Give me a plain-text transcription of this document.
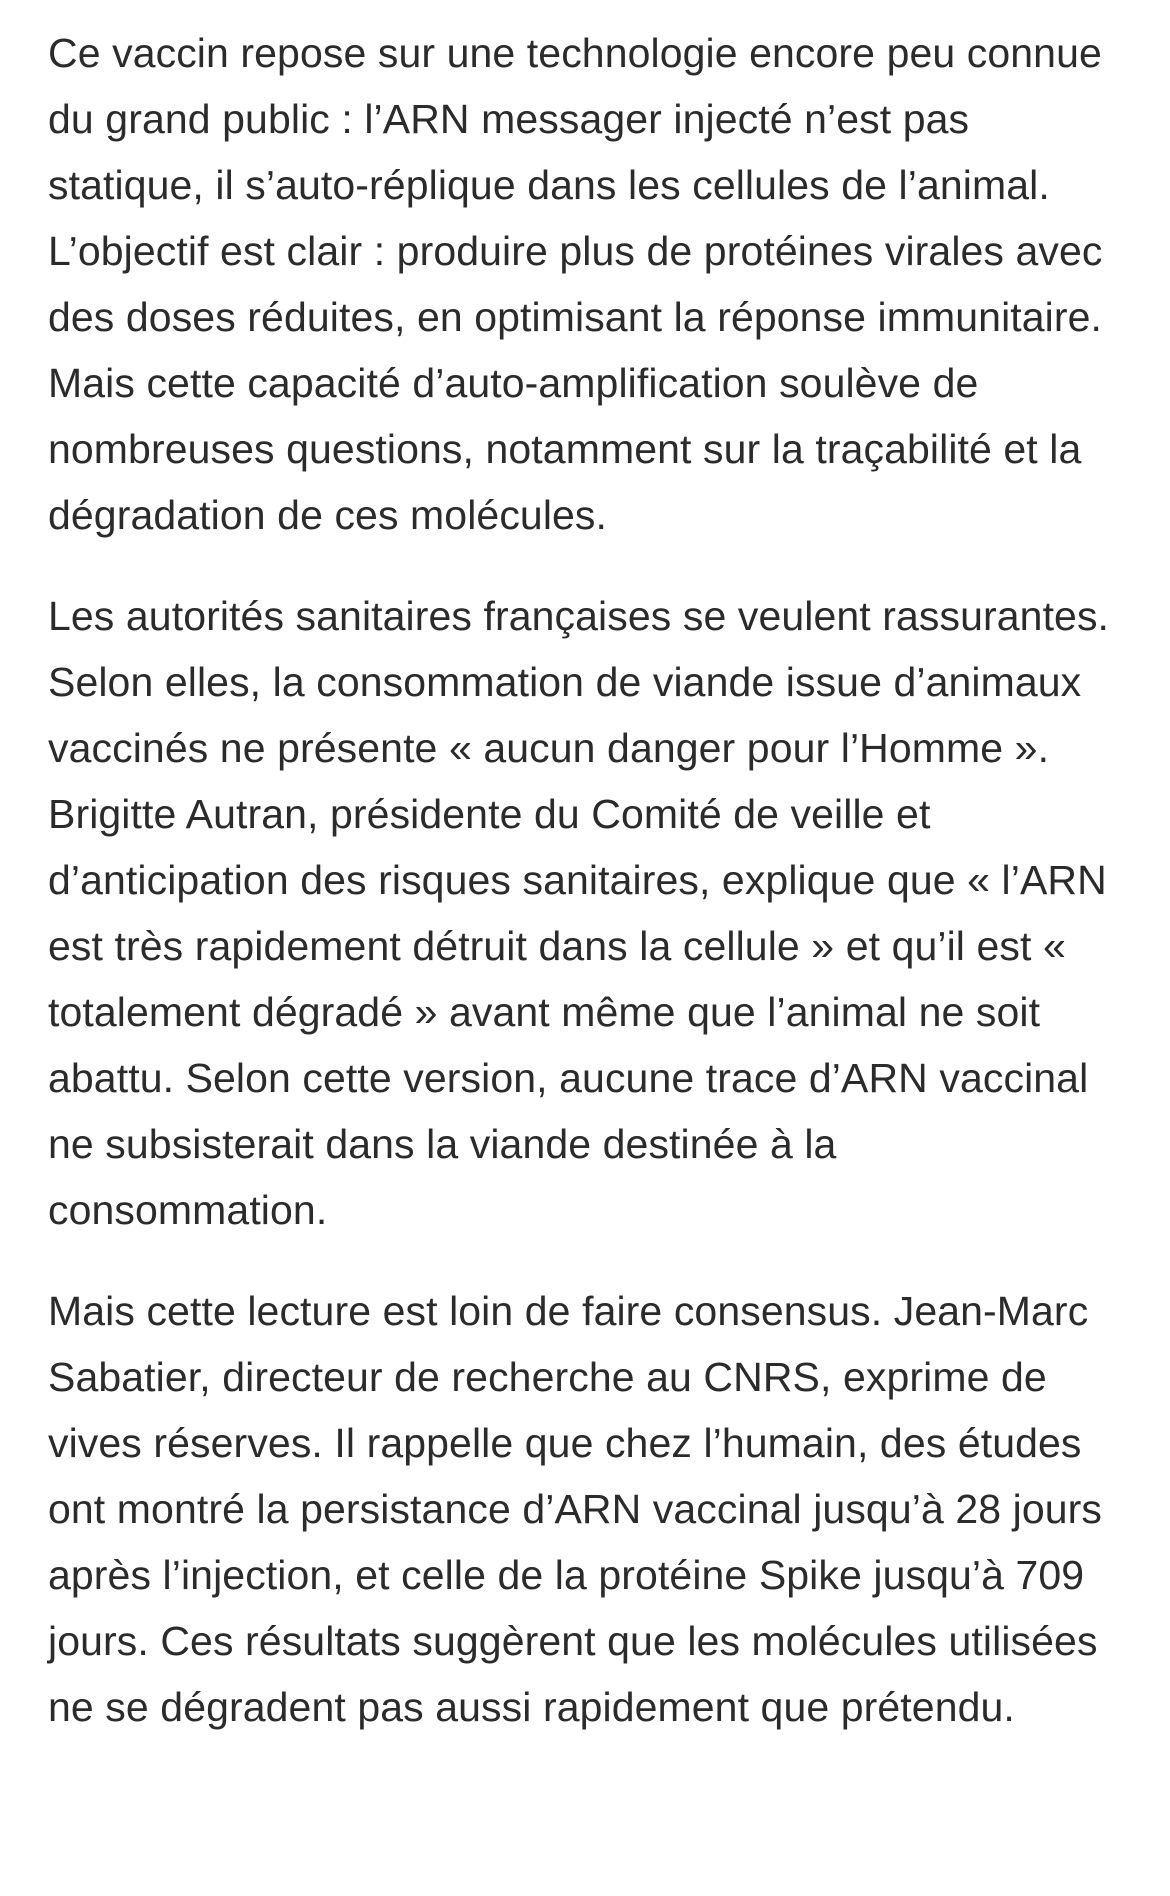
Ce vaccin repose sur une technologie encore peu connue du grand public : l’ARN messager injecté n’est pas statique, il s’auto-réplique dans les cellules de l’animal. L’objectif est clair : produire plus de protéines virales avec des doses réduites, en optimisant la réponse immunitaire. Mais cette capacité d’auto-amplification soulève de nombreuses questions, notamment sur la traçabilité et la dégradation de ces molécules.

Les autorités sanitaires françaises se veulent rassurantes. Selon elles, la consommation de viande issue d’animaux vaccinés ne présente « aucun danger pour l’Homme ». Brigitte Autran, présidente du Comité de veille et d’anticipation des risques sanitaires, explique que « l’ARN est très rapidement détruit dans la cellule » et qu’il est « totalement dégradé » avant même que l’animal ne soit abattu. Selon cette version, aucune trace d’ARN vaccinal ne subsisterait dans la viande destinée à la consommation.

Mais cette lecture est loin de faire consensus. Jean-Marc Sabatier, directeur de recherche au CNRS, exprime de vives réserves. Il rappelle que chez l’humain, des études ont montré la persistance d’ARN vaccinal jusqu’à 28 jours après l’injection, et celle de la protéine Spike jusqu’à 709 jours. Ces résultats suggèrent que les molécules utilisées ne se dégradent pas aussi rapidement que prétendu.
